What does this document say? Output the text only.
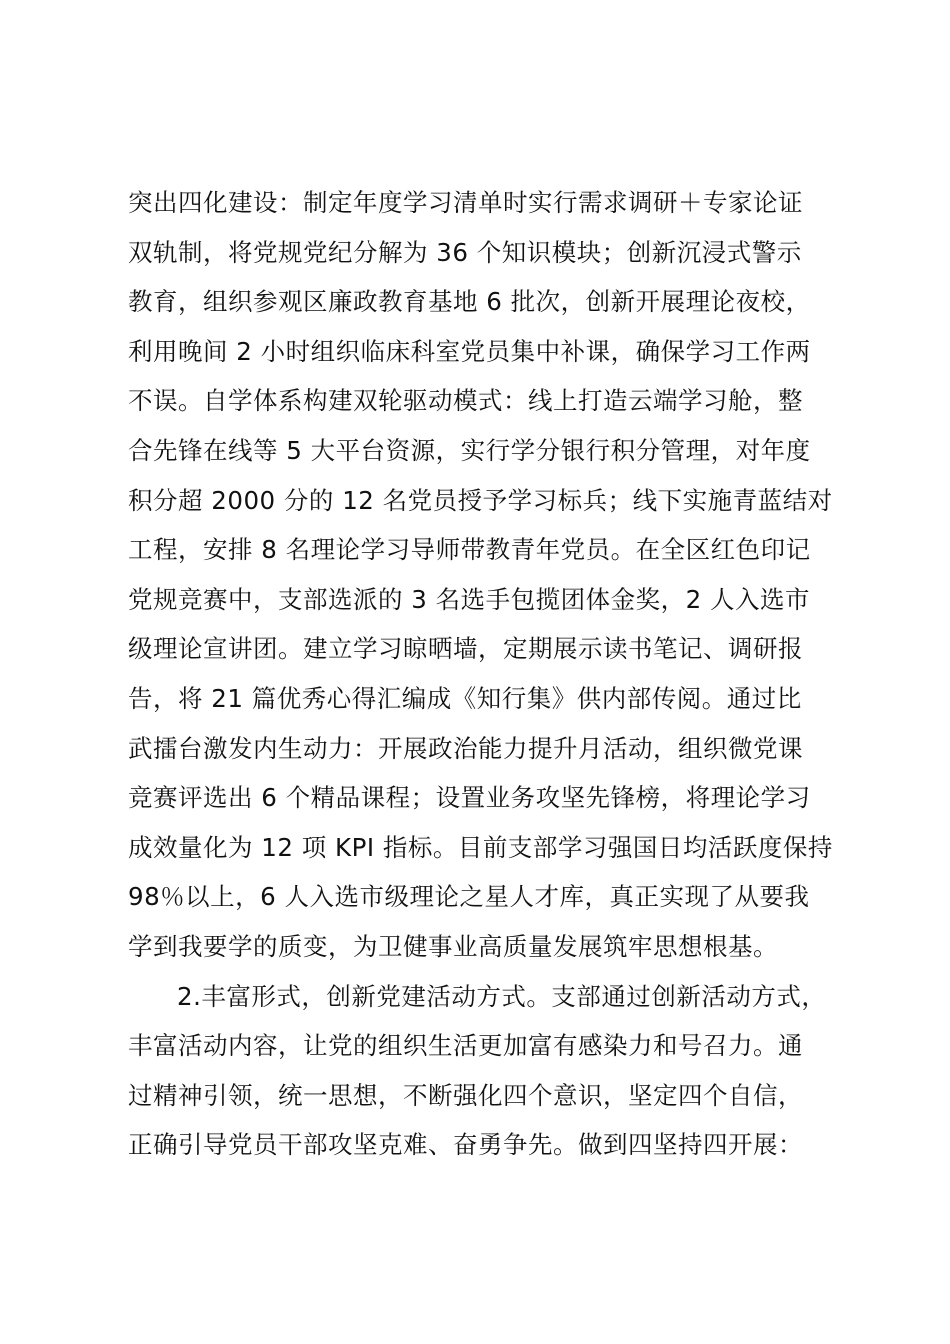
突出四化建设：制定年度学习清单时实行需求调研＋专家论证
双轨制，将党规党纪分解为 36 个知识模块；创新沉浸式警示
教育，组织参观区廉政教育基地 6 批次，创新开展理论夜校，
利用晚间 2 小时组织临床科室党员集中补课，确保学习工作两
不误。自学体系构建双轮驱动模式：线上打造云端学习舱，整
合先锋在线等 5 大平台资源，实行学分银行积分管理，对年度
积分超 2000 分的 12 名党员授予学习标兵；线下实施青蓝结对
工程，安排 8 名理论学习导师带教青年党员。在全区红色印记
党规竞赛中，支部选派的 3 名选手包揽团体金奖，2 人入选市
级理论宣讲团。建立学习晾晒墙，定期展示读书笔记、调研报
告，将 21 篇优秀心得汇编成《知行集》供内部传阅。通过比
武擂台激发内生动力：开展政治能力提升月活动，组织微党课
竞赛评选出 6 个精品课程；设置业务攻坚先锋榜，将理论学习
成效量化为 12 项 KPI 指标。目前支部学习强国日均活跃度保持
98％以上，6 人入选市级理论之星人才库，真正实现了从要我
学到我要学的质变，为卫健事业高质量发展筑牢思想根基。
2.丰富形式，创新党建活动方式。支部通过创新活动方式，
丰富活动内容，让党的组织生活更加富有感染力和号召力。通
过精神引领，统一思想，不断强化四个意识，坚定四个自信，
正确引导党员干部攻坚克难、奋勇争先。做到四坚持四开展：
